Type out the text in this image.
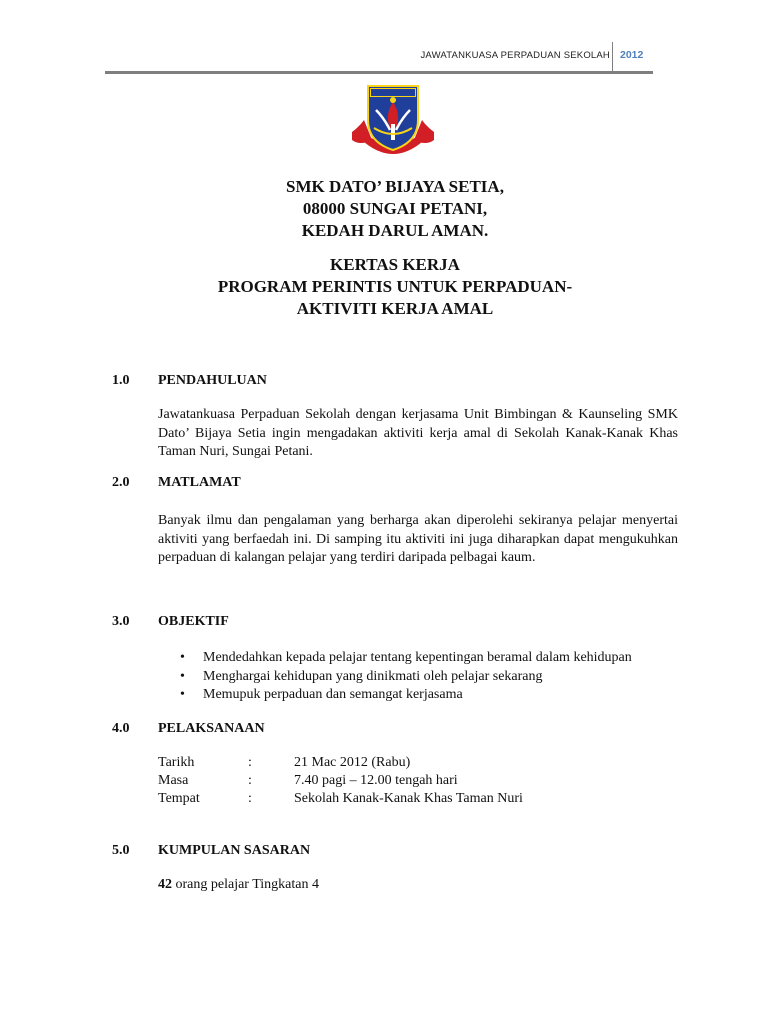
JAWATANKUASA PERPADUAN SEKOLAH 2012
SMK DATO’ BIJAYA SETIA,
08000 SUNGAI PETANI,
KEDAH DARUL AMAN.
KERTAS KERJA
PROGRAM PERINTIS UNTUK PERPADUAN-
AKTIVITI KERJA AMAL
1.0 PENDAHULUAN
Jawatankuasa Perpaduan Sekolah dengan kerjasama Unit Bimbingan & Kaunseling SMK Dato’ Bijaya Setia ingin mengadakan aktiviti kerja amal di Sekolah Kanak-Kanak Khas Taman Nuri, Sungai Petani.
2.0 MATLAMAT
Banyak ilmu dan pengalaman yang berharga akan diperolehi sekiranya pelajar menyertai aktiviti yang berfaedah ini. Di samping itu aktiviti ini juga diharapkan dapat mengukuhkan perpaduan di kalangan pelajar yang terdiri daripada pelbagai kaum.
3.0 OBJEKTIF
• Mendedahkan kepada pelajar tentang kepentingan beramal dalam kehidupan
• Menghargai kehidupan yang dinikmati oleh pelajar sekarang
• Memupuk perpaduan dan semangat kerjasama
4.0 PELAKSANAAN
Tarikh	:	21 Mac 2012 (Rabu)
Masa	:	7.40 pagi – 12.00 tengah hari
Tempat	:	Sekolah Kanak-Kanak Khas Taman Nuri
5.0 KUMPULAN SASARAN
42 orang pelajar Tingkatan 4
